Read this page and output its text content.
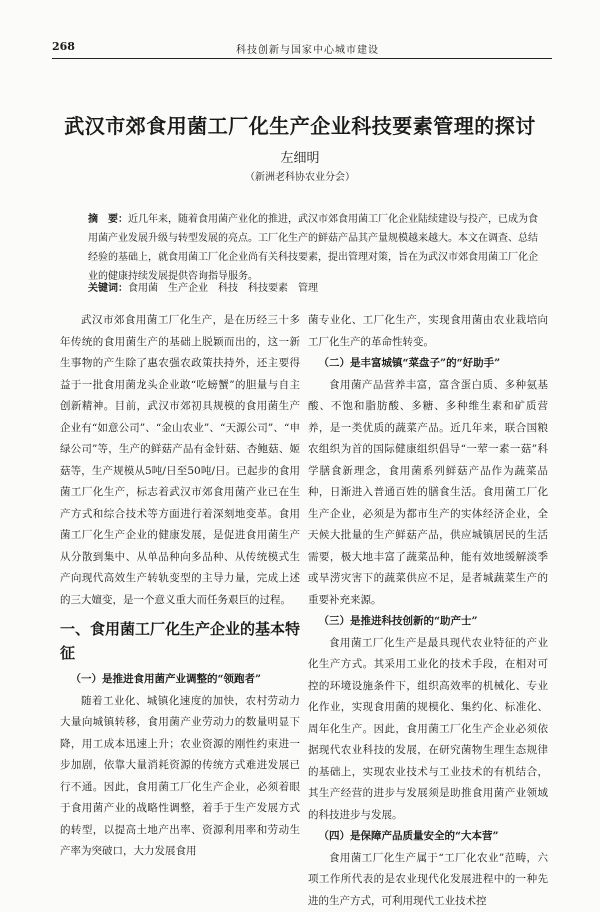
268	科技创新与国家中心城市建设
武汉市郊食用菌工厂化生产企业科技要素管理的探讨
左细明
（新洲老科协农业分会）
摘　要：近几年来，随着食用菌产业化的推进，武汉市郊食用菌工厂化企业陆续建设与投产，已成为食用菌产业发展升级与转型发展的亮点。工厂化生产的鲜菇产品其产量规模越来越大。本文在调查、总结经验的基础上，就食用菌工厂化企业尚有关科技要素，提出管理对策，旨在为武汉市郊食用菌工厂化企业的健康持续发展提供咨询指导服务。
关键词：食用菌　生产企业　科技　科技要素　管理

武汉市郊食用菌工厂化生产，是在历经三十多年传统的食用菌生产的基础上脱颖而出的，这一新生事物的产生除了惠农强农政策扶持外，还主要得益于一批食用菌龙头企业敢“吃螃蟹”的胆量与自主创新精神。目前，武汉市郊初具规模的食用菌生产企业有“如意公司”、“金山农业”、“天源公司”、“申绿公司”等，生产的鲜菇产品有金针菇、杏鲍菇、姬菇等，生产规模从5吨/日至50吨/日。已起步的食用菌工厂化生产，标志着武汉市郊食用菌产业已在生产方式和综合技术等方面进行着深刻地变革。食用菌工厂化生产企业的健康发展，是促进食用菌生产从分散到集中、从单品种向多品种、从传统模式生产向现代高效生产转轨变型的主导力量，完成上述的三大嬗变，是一个意义重大而任务艰巨的过程。

一、食用菌工厂化生产企业的基本特征
（一）是推进食用菌产业调整的“领跑者”

随着工业化、城镇化速度的加快，农村劳动力大量向城镇转移，食用菌产业劳动力的数量明显下降，用工成本迅速上升；农业资源的刚性约束进一步加剧，依靠大量消耗资源的传统方式难进发展已行不通。因此，食用菌工厂化生产企业，必须着眼于食用菌产业的战略性调整，着手于生产发展方式的转型，以提高土地产出率、资源利用率和劳动生产率为突破口，大力发展食用

菌专业化、工厂化生产，实现食用菌由农业栽培向工厂化生产的革命性转变。

（二）是丰富城镇“菜盘子”的“好助手”

食用菌产品营养丰富，富含蛋白质、多种氨基酸、不饱和脂肪酸、多糖、多种维生素和矿质营养，是一类优质的蔬菜产品。近几年来，联合国粮农组织为首的国际健康组织倡导“一荤一素一菇”科学膳食新理念，食用菌系列鲜菇产品作为蔬菜品种，日渐进入普通百姓的膳食生活。食用菌工厂化生产企业，必须是为都市生产的实体经济企业，全天候大批量的生产鲜菇产品，供应城镇居民的生活需要，极大地丰富了蔬菜品种，能有效地缓解淡季或旱涝灾害下的蔬菜供应不足，是者城蔬菜生产的重要补充来源。

（三）是推进科技创新的“助产士”

食用菌工厂化生产是最具现代农业特征的产业化生产方式。其采用工业化的技术手段，在相对可控的环境设施条件下，组织高效率的机械化、专业化作业，实现食用菌的规模化、集约化、标准化、周年化生产。因此，食用菌工厂化生产企业必须依据现代农业科技的发展，在研究菌物生理生态规律的基础上，实现农业技术与工业技术的有机结合，其生产经营的进步与发展须是助推食用菌产业领域的科技进步与发展。

（四）是保障产品质量安全的“大本营”

食用菌工厂化生产属于“工厂化农业”范畴，六项工作所代表的是农业现代化发展进程中的一种先进的生产方式，可利用现代工业技术控
